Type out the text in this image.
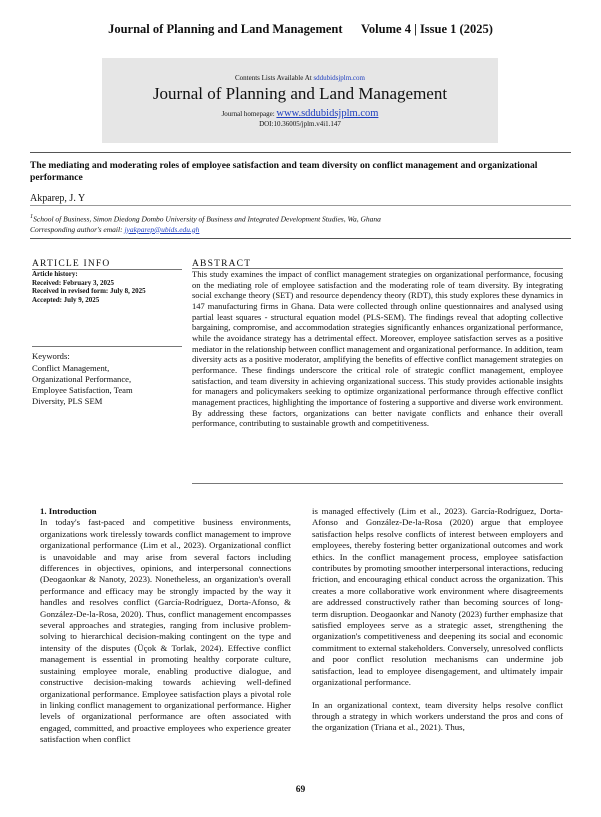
Journal of Planning and Land Management      Volume 4 | Issue 1 (2025)
Contents Lists Available At sddubidsjplm.com
Journal of Planning and Land Management
Journal homepage: www.sddubidsjplm.com
DOI:10.36005/jplm.v4i1.147
The mediating and moderating roles of employee satisfaction and team diversity on conflict management and organizational performance
Akparep, J. Y
$^1$School of Business, Simon Diedong Dombo University of Business and Integrated Development Studies, Wa, Ghana
Corresponding author's email: jyakparep@ubids.edu.gh
ARTICLE INFO
Article history:
Received: February 3, 2025
Received in revised form: July 8, 2025
Accepted: July 9, 2025
Keywords:
Conflict Management, Organizational Performance, Employee Satisfaction, Team Diversity, PLS SEM
ABSTRACT
This study examines the impact of conflict management strategies on organizational performance, focusing on the mediating role of employee satisfaction and the moderating role of team diversity. By integrating social exchange theory (SET) and resource dependency theory (RDT), this study explores these dynamics in 147 manufacturing firms in Ghana. Data were collected through online questionnaires and analysed using partial least squares - structural equation model (PLS-SEM). The findings reveal that adopting collective bargaining, compromise, and accommodation strategies significantly enhances organizational performance, while the avoidance strategy has a detrimental effect. Moreover, employee satisfaction serves as a positive mediator in the relationship between conflict management and organizational performance. In addition, team diversity acts as a positive moderator, amplifying the benefits of effective conflict management strategies on performance. These findings underscore the critical role of strategic conflict management, employee satisfaction, and team diversity in achieving organizational success. This study provides actionable insights for managers and policymakers seeking to optimize organizational performance through effective conflict management practices, highlighting the importance of fostering a supportive and diverse work environment. By addressing these factors, organizations can better navigate conflicts and enhance their overall performance, contributing to sustainable growth and competitiveness.

1. Introduction

In today's fast-paced and competitive business environments, organizations work tirelessly towards conflict management to improve organizational performance (Lim et al., 2023). Organizational conflict is unavoidable and may arise from several factors including differences in objectives, opinions, and interpersonal connections (Deogaonkar & Nanoty, 2023). Nonetheless, an organization's overall performance and efficacy may be strongly impacted by the way it handles and resolves conflict (García-Rodríguez, Dorta-Afonso, & González-De-la-Rosa, 2020). Thus, conflict management encompasses several approaches and strategies, ranging from inclusive problem-solving to hierarchical decision-making contingent on the type and intensity of the disputes (Üçok & Torlak, 2024). Effective conflict management is essential in promoting healthy corporate culture, sustaining employee morale, enabling productive dialogue, and constructive decision-making towards achieving well-defined organizational performance. Employee satisfaction plays a pivotal role in linking conflict management to organizational performance. Higher levels of organizational performance are often associated with engaged, committed, and proactive employees who experience greater satisfaction when conflict

is managed effectively (Lim et al., 2023). García-Rodríguez, Dorta-Afonso and González-De-la-Rosa (2020) argue that employee satisfaction helps resolve conflicts of interest between employers and employees, thereby fostering better organizational outcomes and work ethics. In the conflict management process, employee satisfaction contributes by promoting smoother interpersonal interactions, reducing friction, and encouraging ethical conduct across the organization. This creates a more collaborative work environment where disagreements are addressed constructively rather than becoming sources of long-term disruption. Deogaonkar and Nanoty (2023) further emphasize that satisfied employees serve as a strategic asset, strengthening the organization's competitiveness and deepening its social and economic commitment to external stakeholders. Conversely, unresolved conflicts and poor conflict resolution mechanisms can undermine job satisfaction, lead to employee disengagement, and ultimately impair organizational performance.

In an organizational context, team diversity helps resolve conflict through a strategy in which workers understand the pros and cons of the organization (Triana et al., 2021). Thus,

69
